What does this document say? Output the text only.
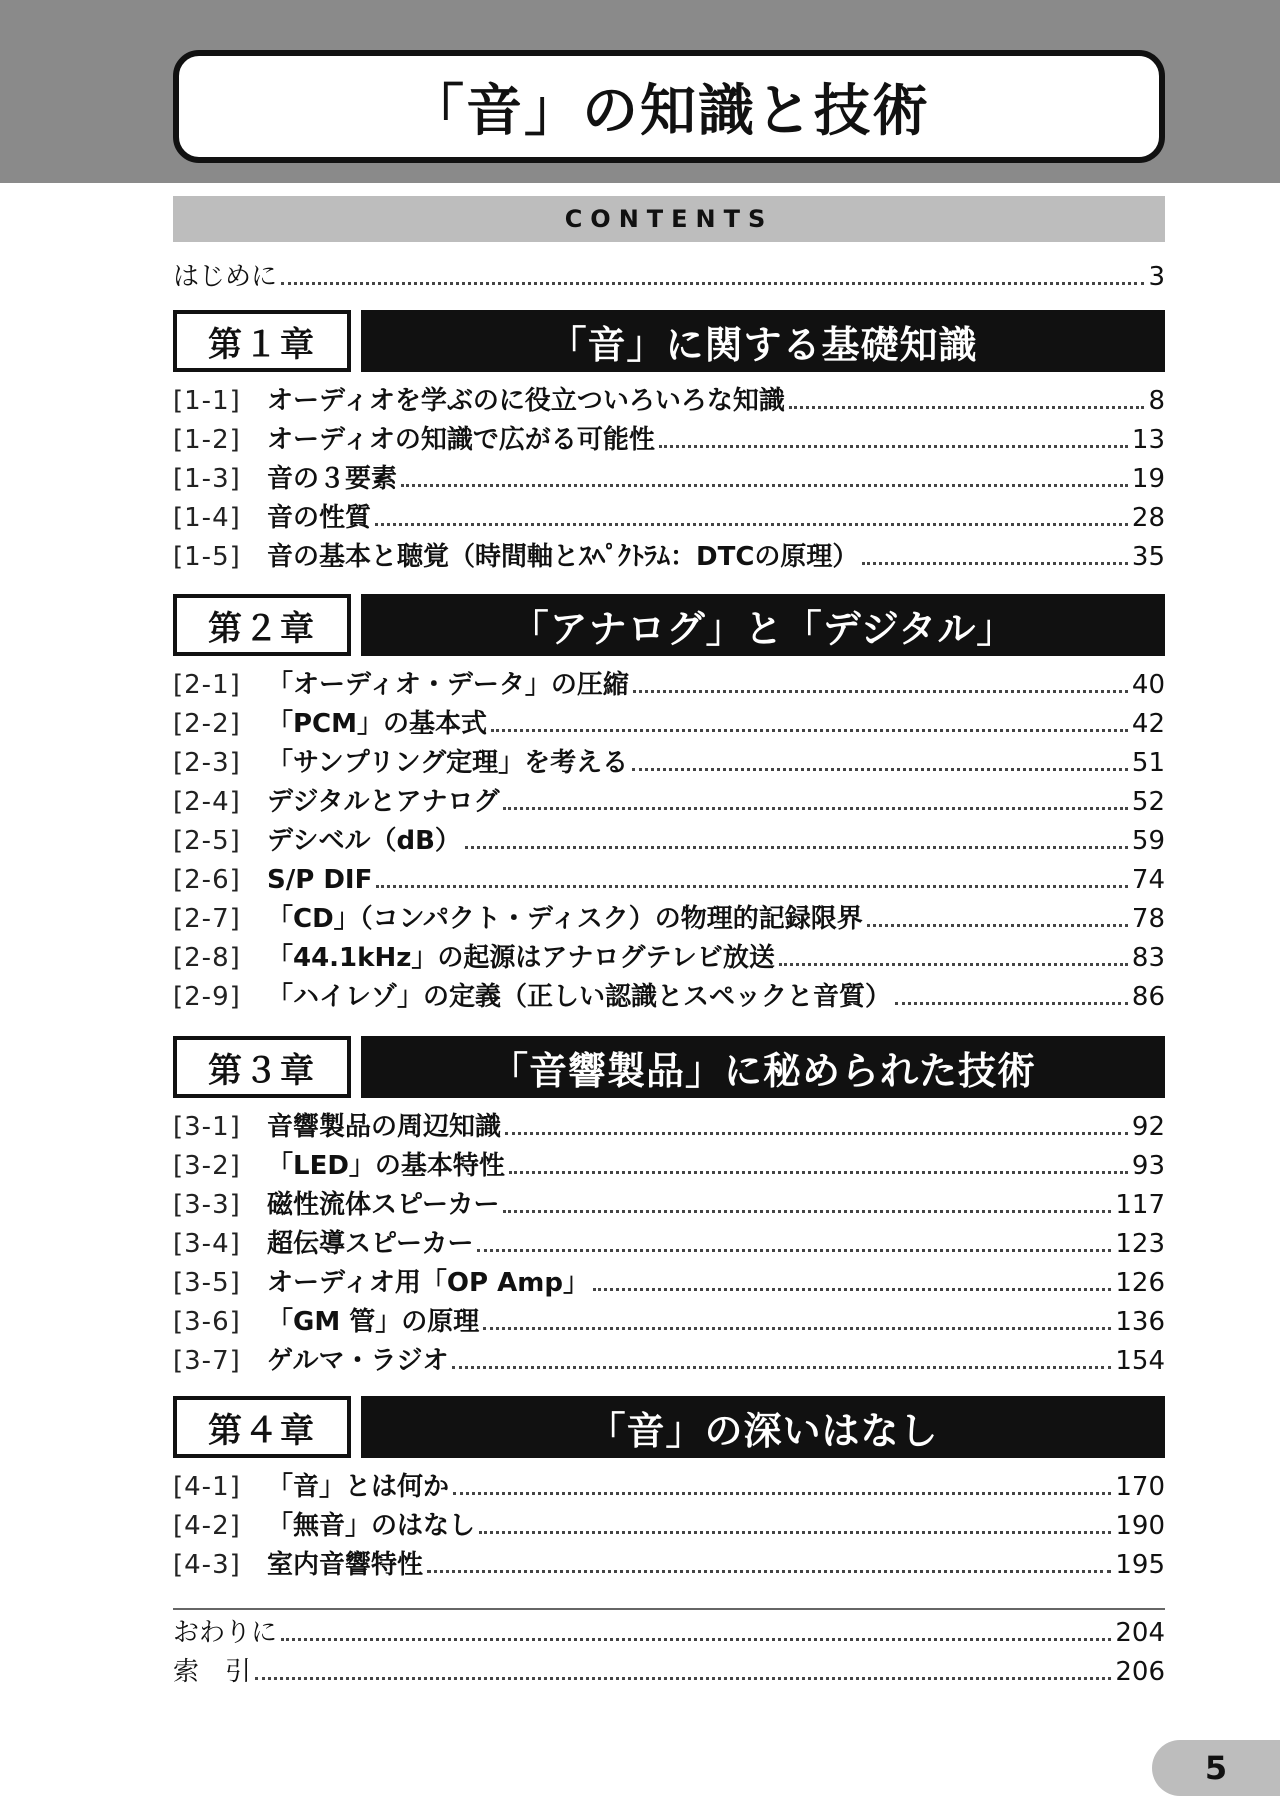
「音」の知識と技術
CONTENTS
はじめに	3
第１章	「音」に関する基礎知識
[1-1]	オーディオを学ぶのに役立ついろいろな知識	8
[1-2]	オーディオの知識で広がる可能性	13
[1-3]	音の３要素	19
[1-4]	音の性質	28
[1-5]	音の基本と聴覚（時間軸とｽﾍﾟｸﾄﾗﾑ：DTCの原理）	35
第２章	「アナログ」と「デジタル」
[2-1]	「オーディオ・データ」の圧縮	40
[2-2]	「PCM」の基本式	42
[2-3]	「サンプリング定理」を考える	51
[2-4]	デジタルとアナログ	52
[2-5]	デシベル（dB）	59
[2-6]	S/P DIF	74
[2-7]	「CD」（コンパクト・ディスク）の物理的記録限界	78
[2-8]	「44.1kHz」の起源はアナログテレビ放送	83
[2-9]	「ハイレゾ」の定義（正しい認識とスペックと音質）	86
第３章	「音響製品」に秘められた技術
[3-1]	音響製品の周辺知識	92
[3-2]	「LED」の基本特性	93
[3-3]	磁性流体スピーカー	117
[3-4]	超伝導スピーカー	123
[3-5]	オーディオ用「OP Amp」	126
[3-6]	「GM 管」の原理	136
[3-7]	ゲルマ・ラジオ	154
第４章	「音」の深いはなし
[4-1]	「音」とは何か	170
[4-2]	「無音」のはなし	190
[4-3]	室内音響特性	195
おわりに	204
索　引	206
5
